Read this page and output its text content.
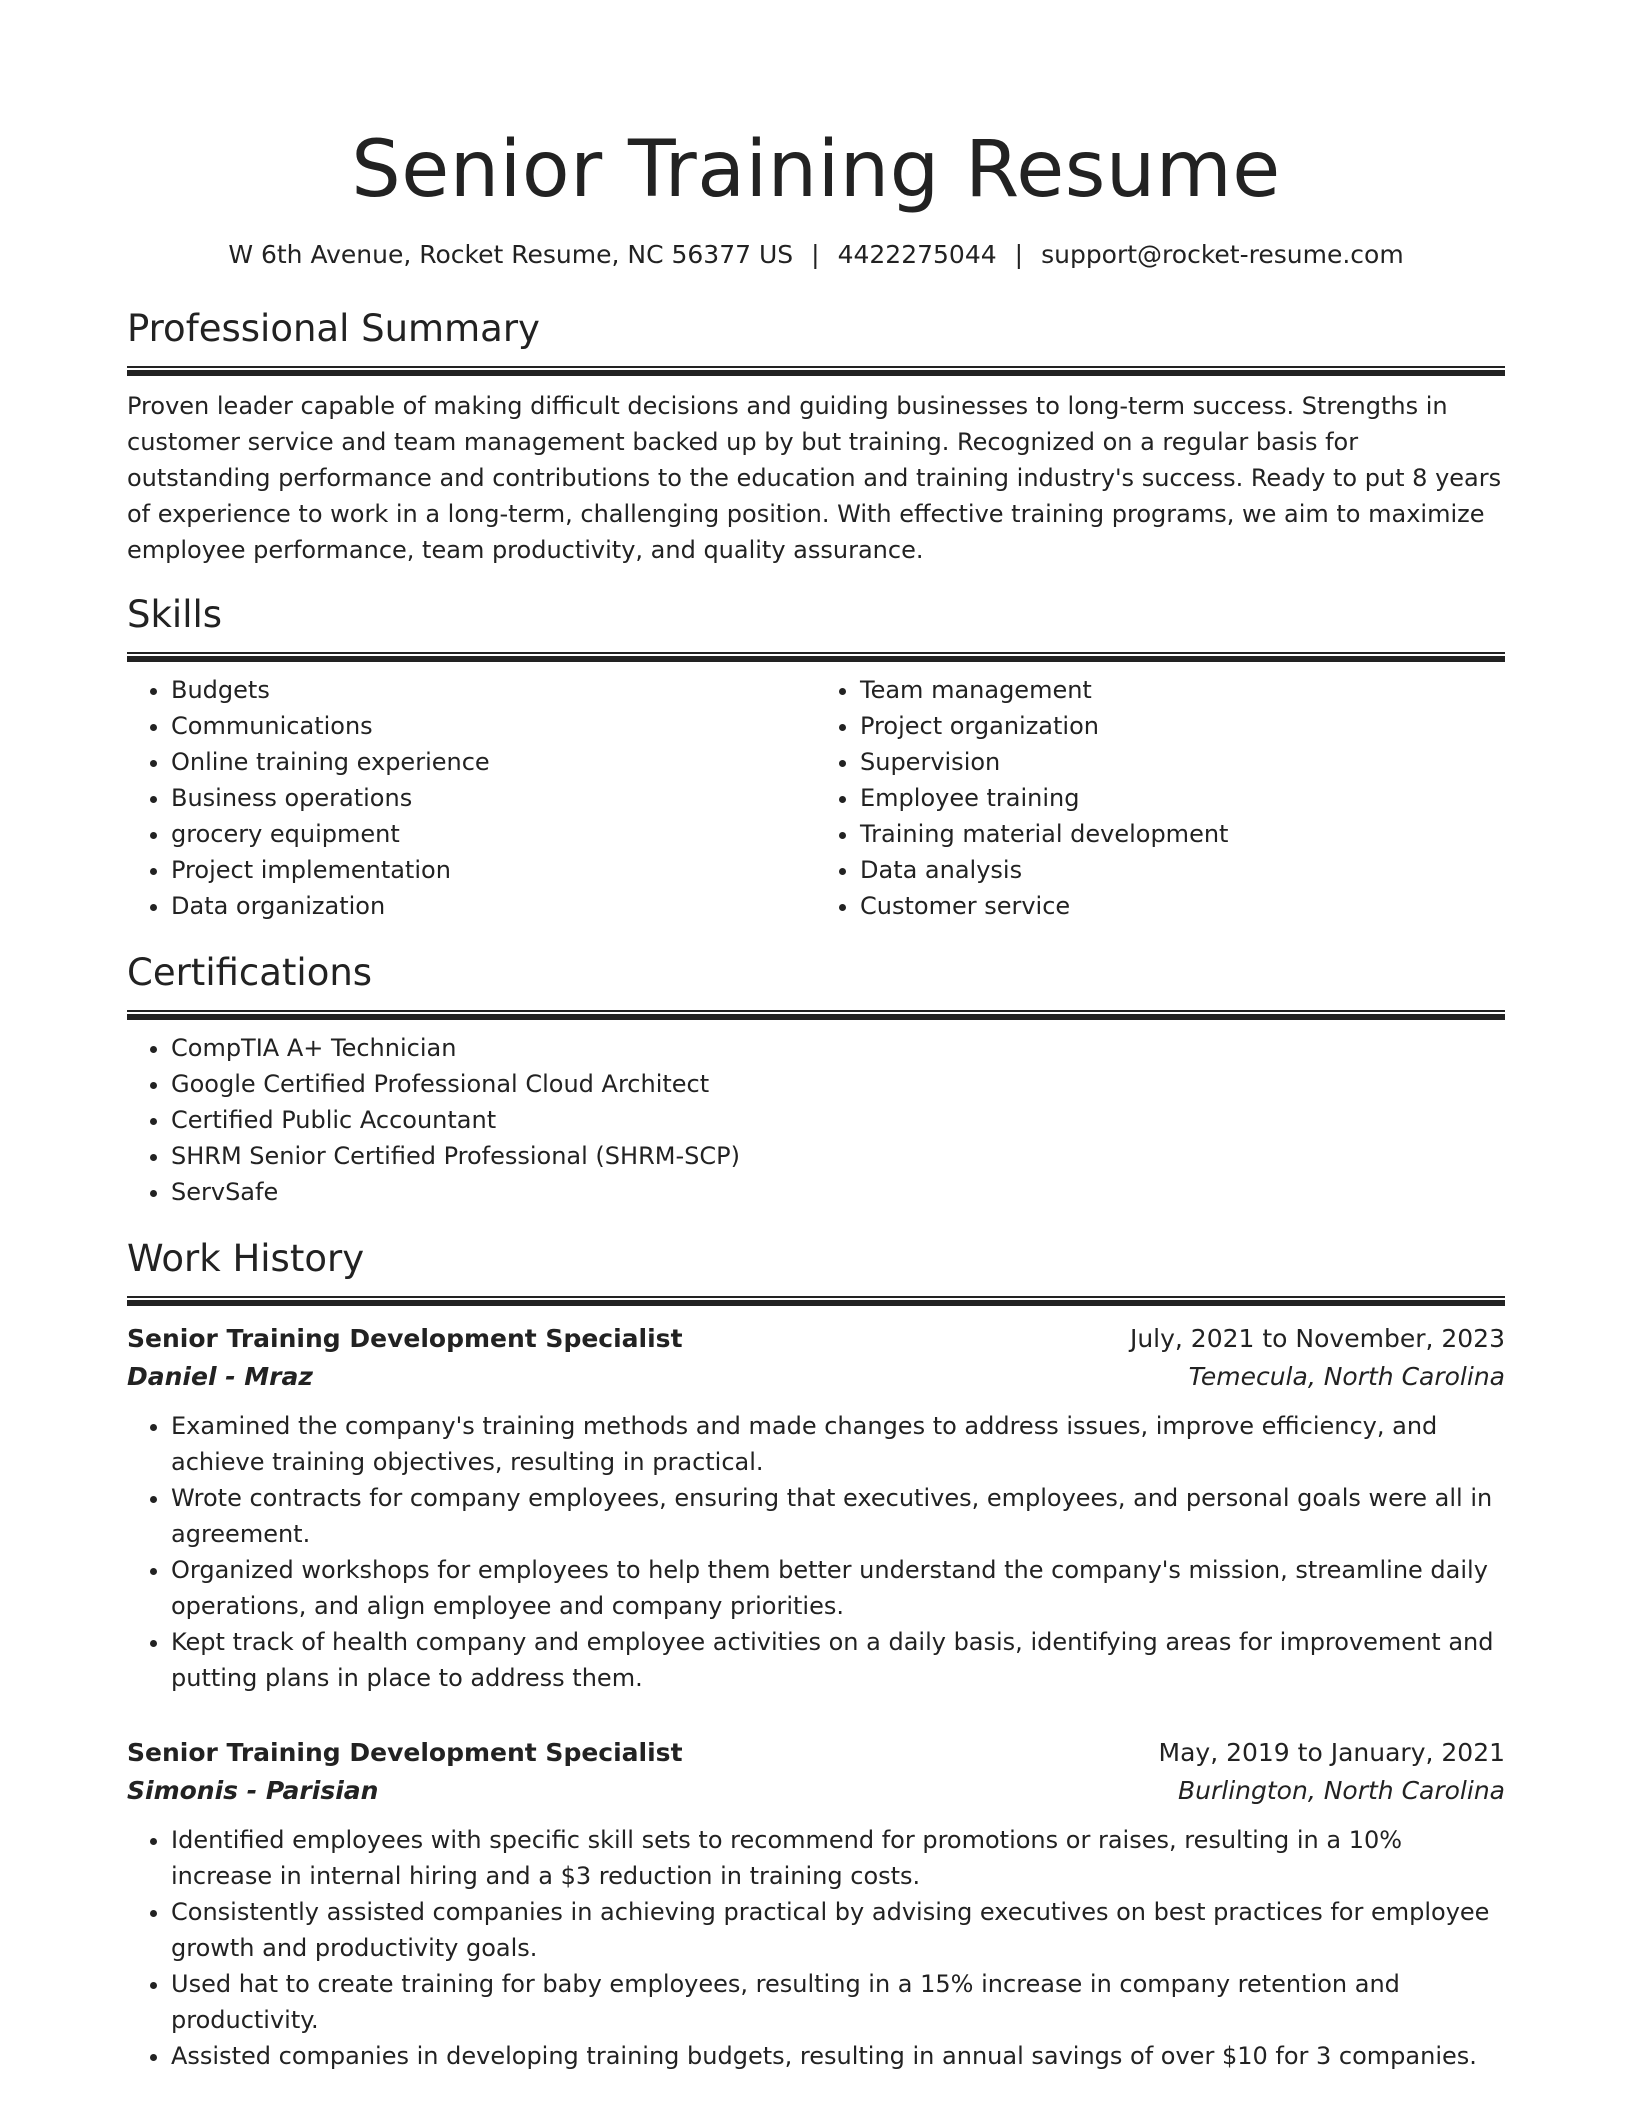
Senior Training Resume
W 6th Avenue, Rocket Resume, NC 56377 US | 4422275044 | support@rocket-resume.com
Professional Summary

Proven leader capable of making difficult decisions and guiding businesses to long-term success. Strengths in customer service and team management backed up by but training. Recognized on a regular basis for outstanding performance and contributions to the education and training industry's success. Ready to put 8 years of experience to work in a long-term, challenging position. With effective training programs, we aim to maximize employee performance, team productivity, and quality assurance.

Skills
• Budgets
• Communications
• Online training experience
• Business operations
• grocery equipment
• Project implementation
• Data organization
• Team management
• Project organization
• Supervision
• Employee training
• Training material development
• Data analysis
• Customer service
Certifications
• CompTIA A+ Technician
• Google Certified Professional Cloud Architect
• Certified Public Accountant
• SHRM Senior Certified Professional (SHRM-SCP)
• ServSafe
Work History
Senior Training Development Specialist	July, 2021 to November, 2023
Daniel - Mraz	Temecula, North Carolina
• Examined the company's training methods and made changes to address issues, improve efficiency, and achieve training objectives, resulting in practical.
• Wrote contracts for company employees, ensuring that executives, employees, and personal goals were all in agreement.
• Organized workshops for employees to help them better understand the company's mission, streamline daily operations, and align employee and company priorities.
• Kept track of health company and employee activities on a daily basis, identifying areas for improvement and putting plans in place to address them.
Senior Training Development Specialist	May, 2019 to January, 2021
Simonis - Parisian	Burlington, North Carolina
• Identified employees with specific skill sets to recommend for promotions or raises, resulting in a 10% increase in internal hiring and a $3 reduction in training costs.
• Consistently assisted companies in achieving practical by advising executives on best practices for employee growth and productivity goals.
• Used hat to create training for baby employees, resulting in a 15% increase in company retention and productivity.
• Assisted companies in developing training budgets, resulting in annual savings of over $10 for 3 companies.
